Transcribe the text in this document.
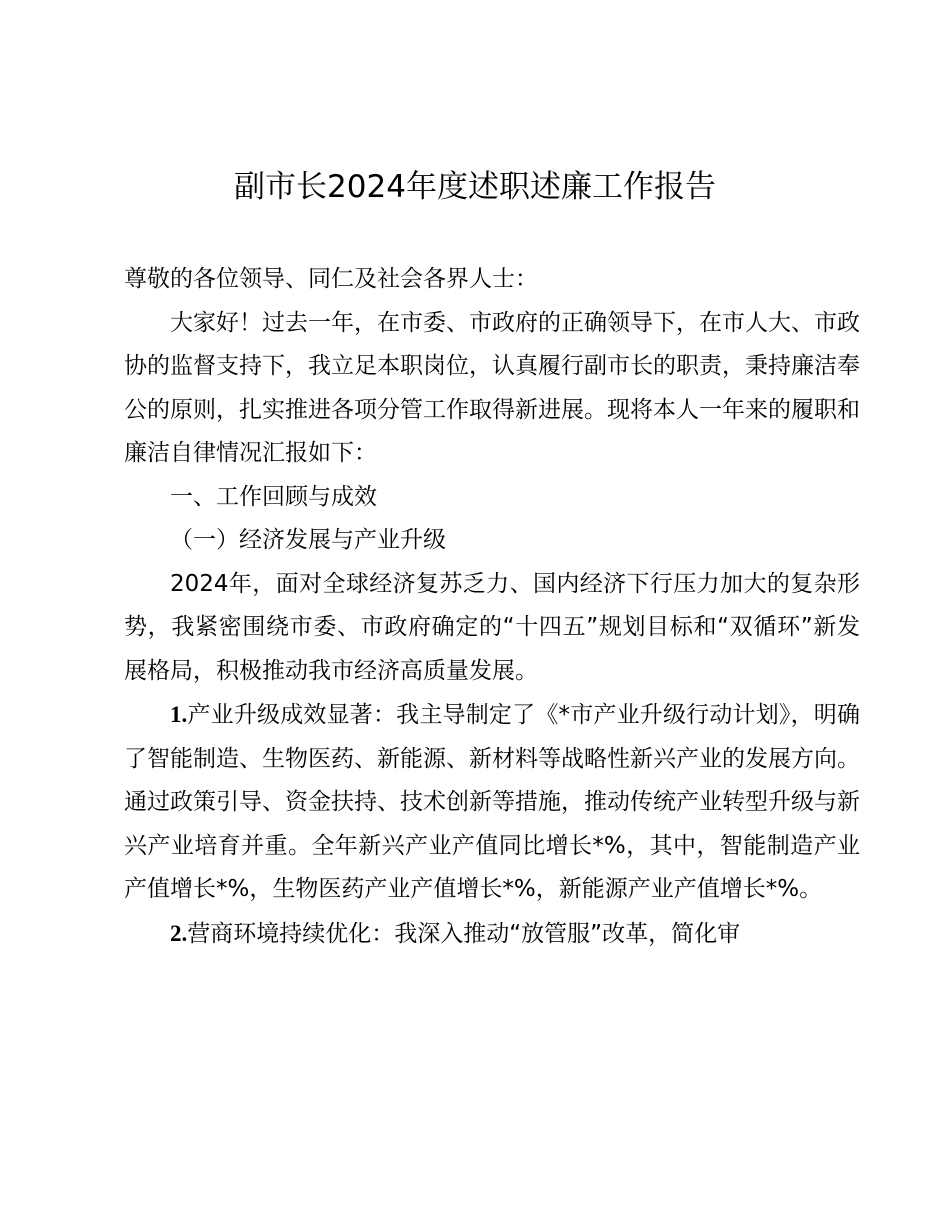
副市长2024年度述职述廉工作报告

尊敬的各位领导、同仁及社会各界人士：

大家好！过去一年，在市委、市政府的正确领导下，在市人大、市政协的监督支持下，我立足本职岗位，认真履行副市长的职责，秉持廉洁奉公的原则，扎实推进各项分管工作取得新进展。现将本人一年来的履职和廉洁自律情况汇报如下：

一、工作回顾与成效

（一）经济发展与产业升级

2024年，面对全球经济复苏乏力、国内经济下行压力加大的复杂形势，我紧密围绕市委、市政府确定的“十四五”规划目标和“双循环”新发展格局，积极推动我市经济高质量发展。

1.产业升级成效显著：我主导制定了《*市产业升级行动计划》，明确了智能制造、生物医药、新能源、新材料等战略性新兴产业的发展方向。通过政策引导、资金扶持、技术创新等措施，推动传统产业转型升级与新兴产业培育并重。全年新兴产业产值同比增长*%，其中，智能制造产业产值增长*%，生物医药产业产值增长*%，新能源产业产值增长*%。

2.营商环境持续优化：我深入推动“放管服”改革，简化审
